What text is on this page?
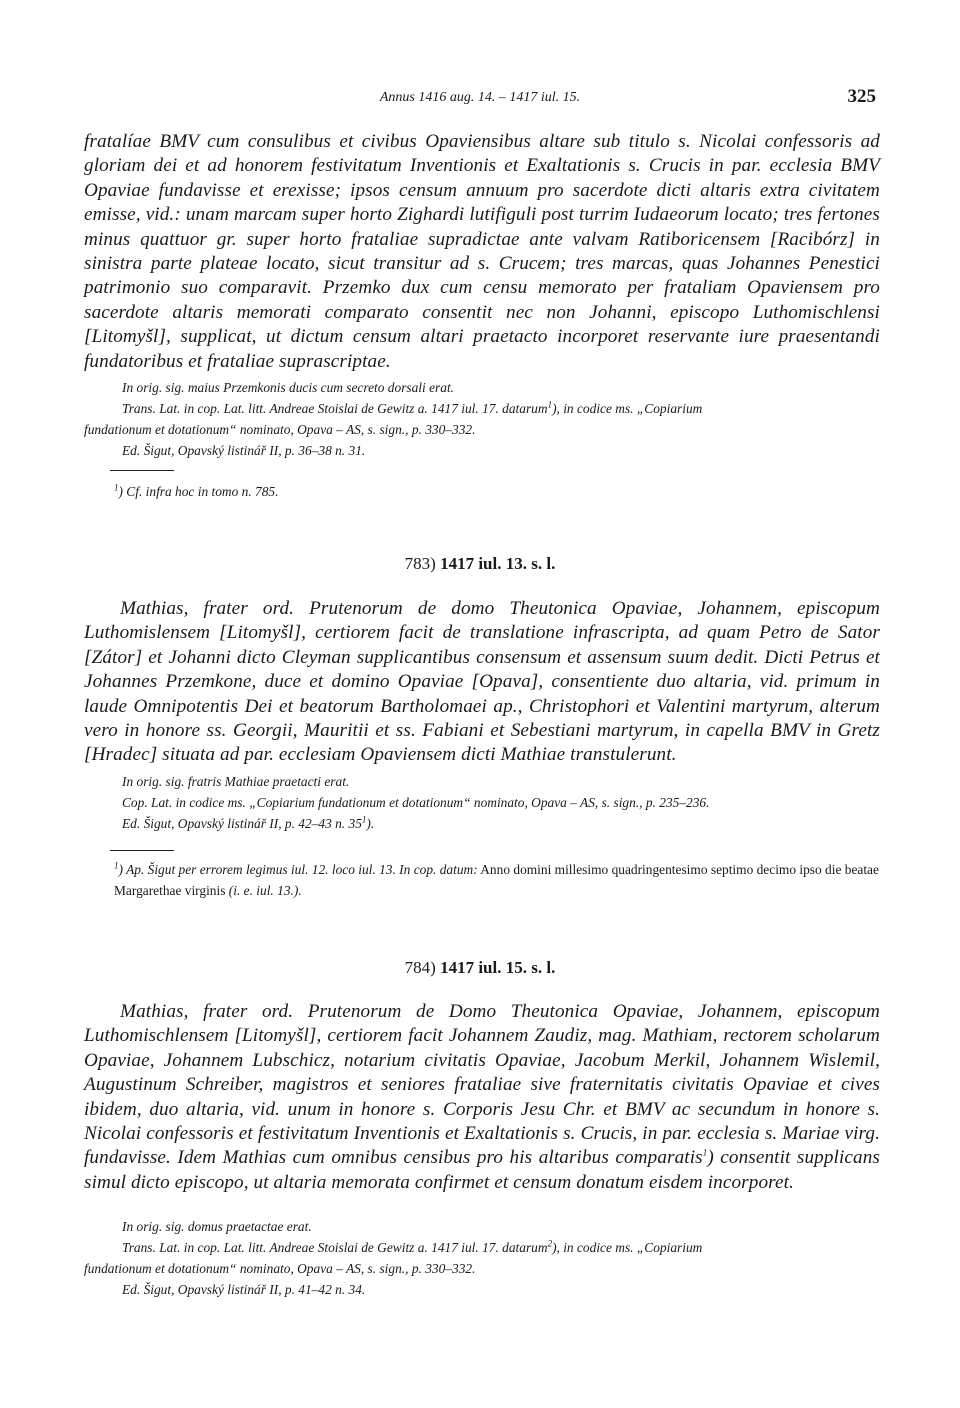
Annus 1416 aug. 14. – 1417 iul. 15.	325

fratalíae BMV cum consulibus et civibus Opaviensibus altare sub titulo s. Nicolai confessoris ad gloriam dei et ad honorem festivitatum Inventionis et Exaltationis s. Crucis in par. ecclesia BMV Opaviae fundavisse et erexisse; ipsos censum annuum pro sacerdote dicti altaris extra civitatem emisse, vid.: unam marcam super horto Zighardi lutifiguli post turrim Iudaeorum locato; tres fertones minus quattuor gr. super horto frataliae supradictae ante valvam Ratiboricensem [Racibórz] in sinistra parte plateae locato, sicut transitur ad s. Crucem; tres marcas, quas Johannes Penestici patrimonio suo comparavit. Przemko dux cum censu memorato per frataliam Opaviensem pro sacerdote altaris memorati comparato consentit nec non Johanni, episcopo Luthomischlensi [Litomyšl], supplicat, ut dictum censum altari praetacto incorporet reservante iure praesentandi fundatoribus et frataliae suprascriptae.

In orig. sig. maius Przemkonis ducis cum secreto dorsali erat.
Trans. Lat. in cop. Lat. litt. Andreae Stoislai de Gewitz a. 1417 iul. 17. datarum$^1$), in codice ms. „Copiarium
fundationum et dotationum“ nominato, Opava – AS, s. sign., p. 330–332.
Ed. Šigut, Opavský listinář II, p. 36–38 n. 31.
$^1$) Cf. infra hoc in tomo n. 785.
783) 1417 iul. 13. s. l.

Mathias, frater ord. Prutenorum de domo Theutonica Opaviae, Johannem, episcopum Luthomislensem [Litomyšl], certiorem facit de translatione infrascripta, ad quam Petro de Sator [Zátor] et Johanni dicto Cleyman supplicantibus consensum et assensum suum dedit. Dicti Petrus et Johannes Przemkone, duce et domino Opaviae [Opava], consentiente duo altaria, vid. primum in laude Omnipotentis Dei et beatorum Bartholomaei ap., Christophori et Valentini martyrum, alterum vero in honore ss. Georgii, Mauritii et ss. Fabiani et Sebestiani martyrum, in capella BMV in Gretz [Hradec] situata ad par. ecclesiam Opaviensem dicti Mathiae transtulerunt.

In orig. sig. fratris Mathiae praetacti erat.
Cop. Lat. in codice ms. „Copiarium fundationum et dotationum“ nominato, Opava – AS, s. sign., p. 235–236.
Ed. Šigut, Opavský listinář II, p. 42–43 n. $35^1$).
$^1$) Ap. Šigut per errorem legimus iul. 12. loco iul. 13. In cop. datum: Anno domini millesimo quadringentesimo septimo decimo ipso die beatae Margarethae virginis (i. e. iul. 13.).
784) 1417 iul. 15. s. l.

Mathias, frater ord. Prutenorum de Domo Theutonica Opaviae, Johannem, episcopum Luthomischlensem [Litomyšl], certiorem facit Johannem Zaudiz, mag. Mathiam, rectorem scholarum Opaviae, Johannem Lubschicz, notarium civitatis Opaviae, Jacobum Merkil, Johannem Wislemil, Augustinum Schreiber, magistros et seniores frataliae sive fraternitatis civitatis Opaviae et cives ibidem, duo altaria, vid. unum in honore s. Corporis Jesu Chr. et BMV ac secundum in honore s. Nicolai confessoris et festivitatum Inventionis et Exaltationis s. Crucis, in par. ecclesia s. Mariae virg. fundavisse. Idem Mathias cum omnibus censibus pro his altaribus comparatis$^1$) consentit supplicans simul dicto episcopo, ut altaria memorata confirmet et censum donatum eisdem incorporet.

In orig. sig. domus praetactae erat.
Trans. Lat. in cop. Lat. litt. Andreae Stoislai de Gewitz a. 1417 iul. 17. datarum$^2$), in codice ms. „Copiarium
fundationum et dotationum“ nominato, Opava – AS, s. sign., p. 330–332.
Ed. Šigut, Opavský listinář II, p. 41–42 n. 34.
